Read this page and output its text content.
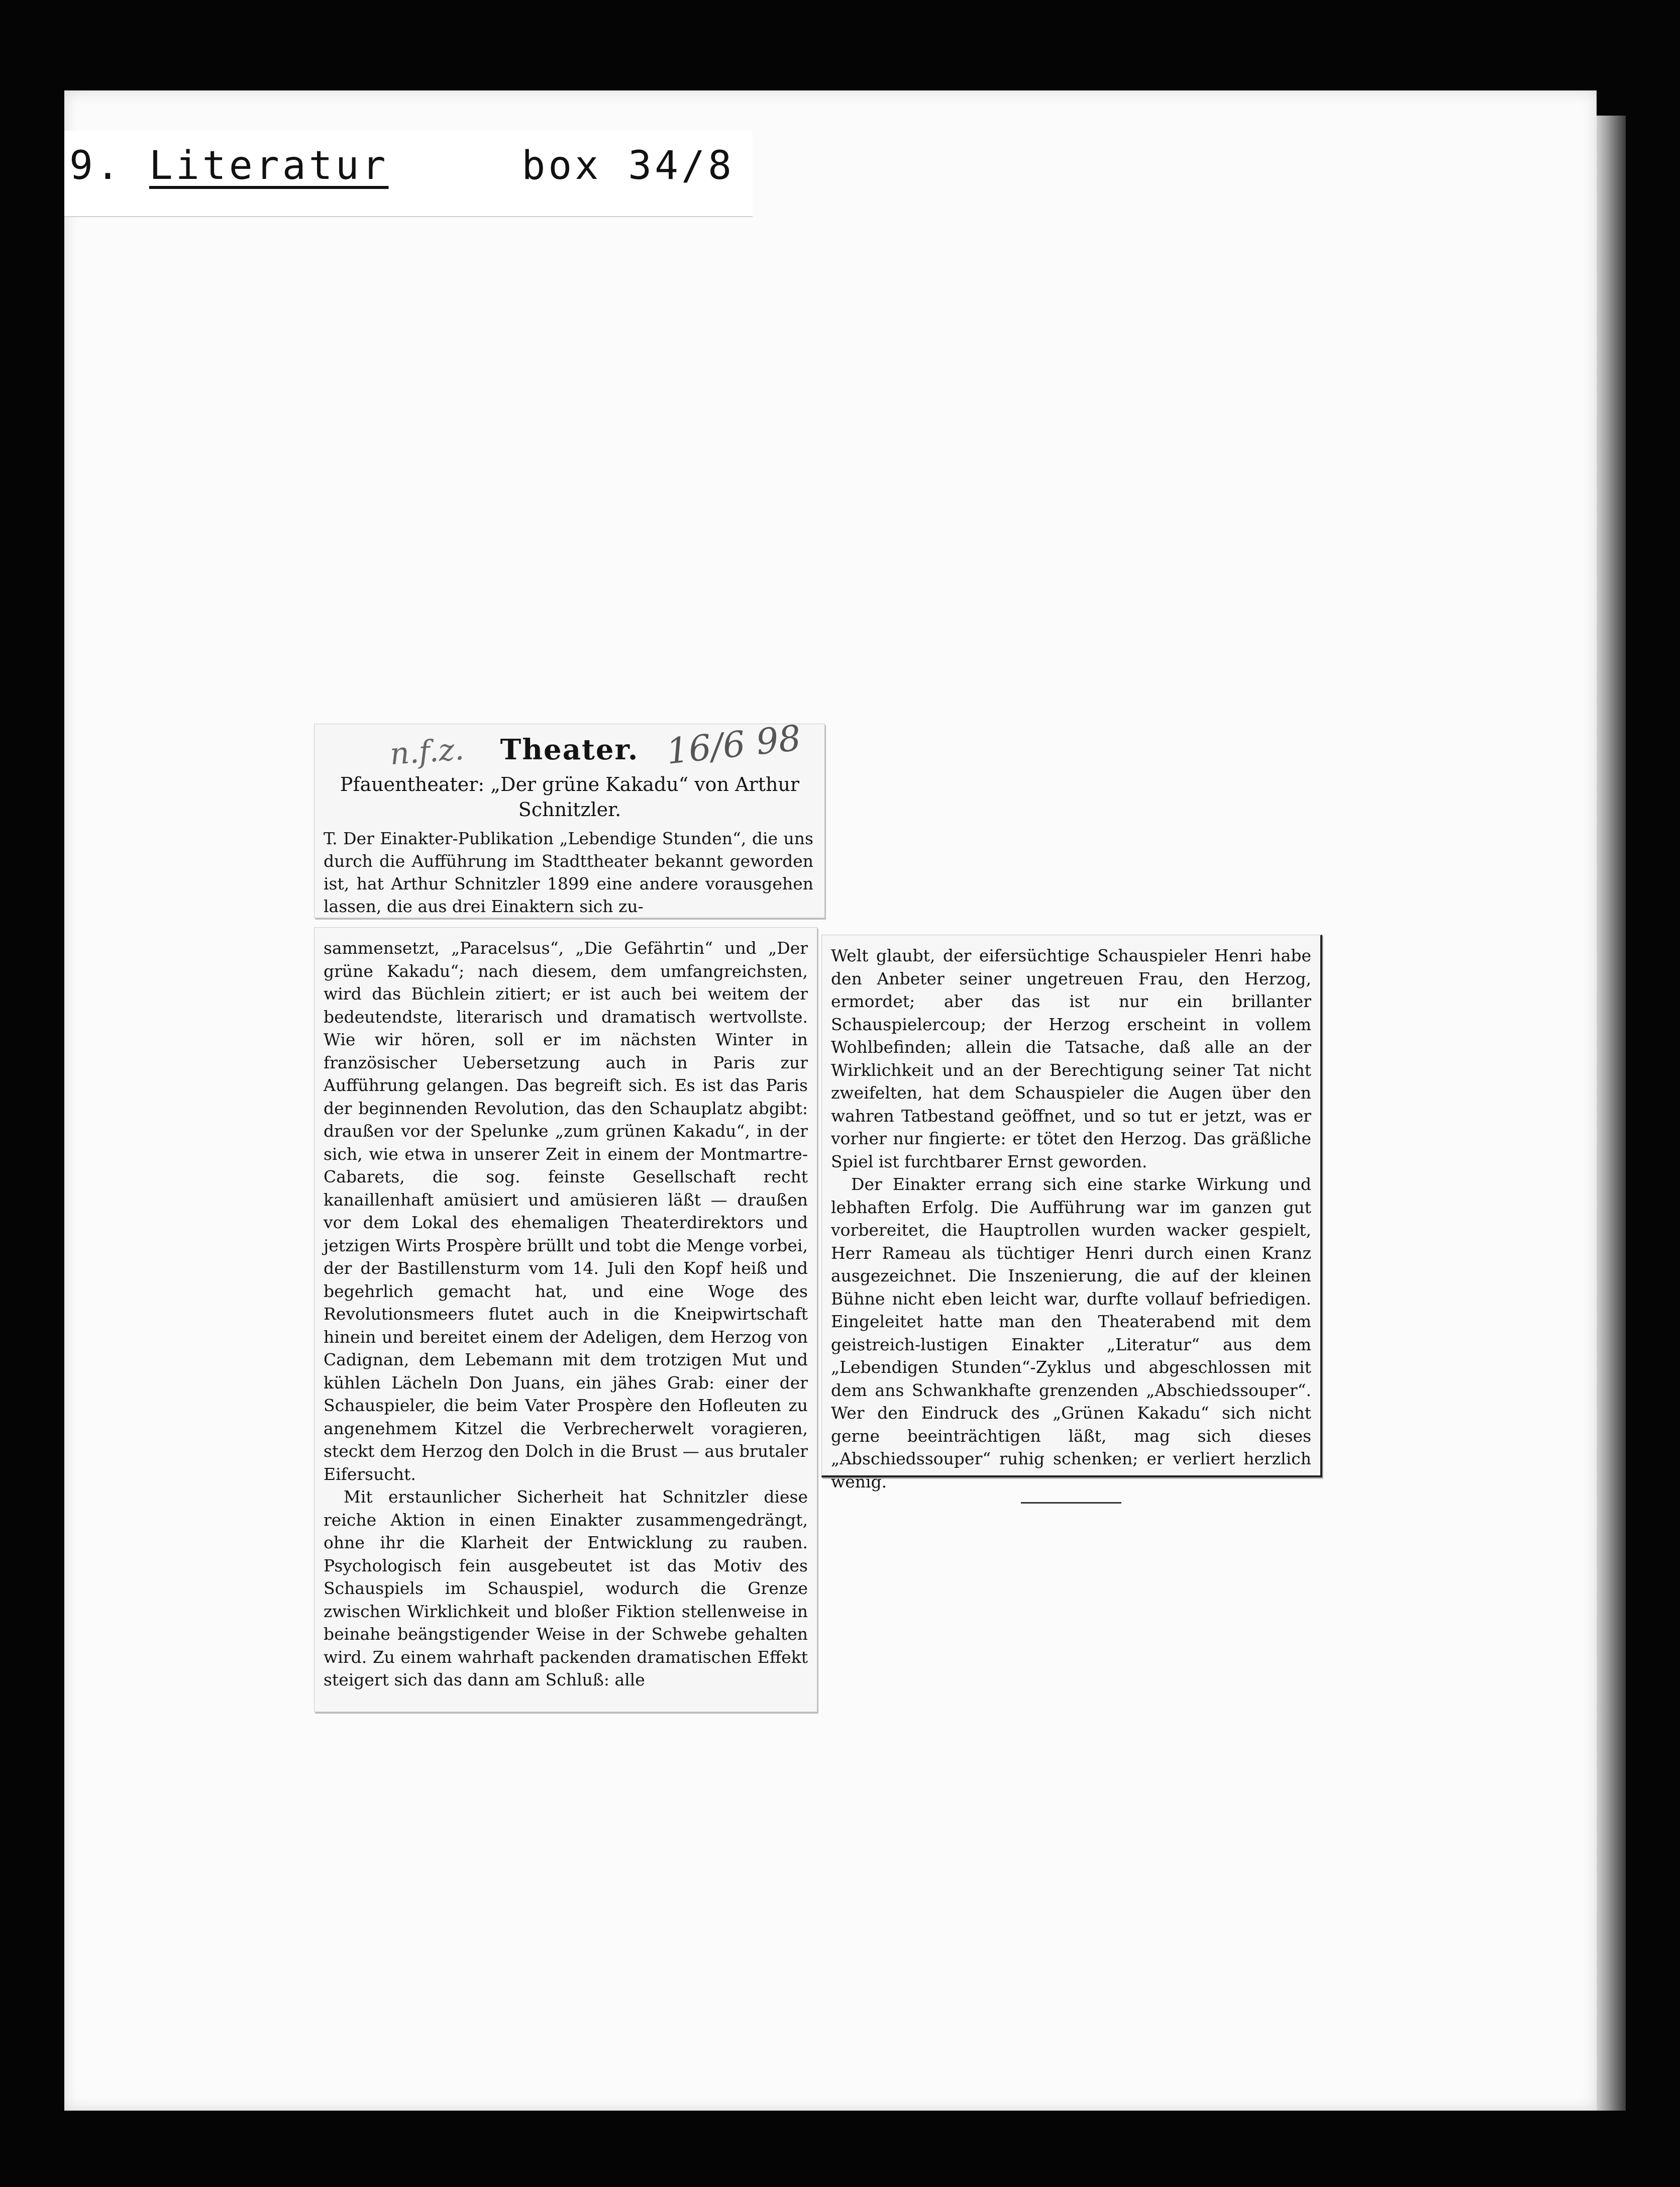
9. Literatur	box 34/8
n.f.z.	Theater. 16/6 98
Pfauentheater: „Der grüne Kakadu“ von Arthur Schnitzler.
T. Der Einakter-Publikation „Lebendige Stunden“, die uns durch die Aufführung im Stadttheater bekannt geworden ist, hat Arthur Schnitzler 1899 eine andere vorausgehen lassen, die aus drei Einaktern sich zu-

sammensetzt, „Paracelsus“, „Die Gefährtin“ und „Der grüne Kakadu“; nach diesem, dem umfangreichsten, wird das Büchlein zitiert; er ist auch bei weitem der bedeutendste, literarisch und dramatisch wertvollste. Wie wir hören, soll er im nächsten Winter in französischer Uebersetzung auch in Paris zur Aufführung gelangen. Das begreift sich. Es ist das Paris der beginnenden Revolution, das den Schauplatz abgibt: draußen vor der Spelunke „zum grünen Kakadu“, in der sich, wie etwa in unserer Zeit in einem der Montmartre-Cabarets, die sog. feinste Gesellschaft recht kanaillenhaft amüsiert und amüsieren läßt — draußen vor dem Lokal des ehemaligen Theaterdirektors und jetzigen Wirts Prospère brüllt und tobt die Menge vorbei, der der Bastillensturm vom 14. Juli den Kopf heiß und begehrlich gemacht hat, und eine Woge des Revolutionsmeers flutet auch in die Kneipwirtschaft hinein und bereitet einem der Adeligen, dem Herzog von Cadignan, dem Lebemann mit dem trotzigen Mut und kühlen Lächeln Don Juans, ein jähes Grab: einer der Schauspieler, die beim Vater Prospère den Hofleuten zu angenehmem Kitzel die Verbrecherwelt voragieren, steckt dem Herzog den Dolch in die Brust — aus brutaler Eifersucht.

Mit erstaunlicher Sicherheit hat Schnitzler diese reiche Aktion in einen Einakter zusammengedrängt, ohne ihr die Klarheit der Entwicklung zu rauben. Psychologisch fein ausgebeutet ist das Motiv des Schauspiels im Schauspiel, wodurch die Grenze zwischen Wirklichkeit und bloßer Fiktion stellenweise in beinahe beängstigender Weise in der Schwebe gehalten wird. Zu einem wahrhaft packenden dramatischen Effekt steigert sich das dann am Schluß: alle

Welt glaubt, der eifersüchtige Schauspieler Henri habe den Anbeter seiner ungetreuen Frau, den Herzog, ermordet; aber das ist nur ein brillanter Schauspielercoup; der Herzog erscheint in vollem Wohlbefinden; allein die Tatsache, daß alle an der Wirklichkeit und an der Berechtigung seiner Tat nicht zweifelten, hat dem Schauspieler die Augen über den wahren Tatbestand geöffnet, und so tut er jetzt, was er vorher nur fingierte: er tötet den Herzog. Das gräßliche Spiel ist furchtbarer Ernst geworden.

Der Einakter errang sich eine starke Wirkung und lebhaften Erfolg. Die Aufführung war im ganzen gut vorbereitet, die Hauptrollen wurden wacker gespielt, Herr Rameau als tüchtiger Henri durch einen Kranz ausgezeichnet. Die Inszenierung, die auf der kleinen Bühne nicht eben leicht war, durfte vollauf befriedigen. Eingeleitet hatte man den Theaterabend mit dem geistreich-lustigen Einakter „Literatur“ aus dem „Lebendigen Stunden“-Zyklus und abgeschlossen mit dem ans Schwankhafte grenzenden „Abschiedssouper“. Wer den Eindruck des „Grünen Kakadu“ sich nicht gerne beeinträchtigen läßt, mag sich dieses „Abschiedssouper“ ruhig schenken; er verliert herzlich wenig.
